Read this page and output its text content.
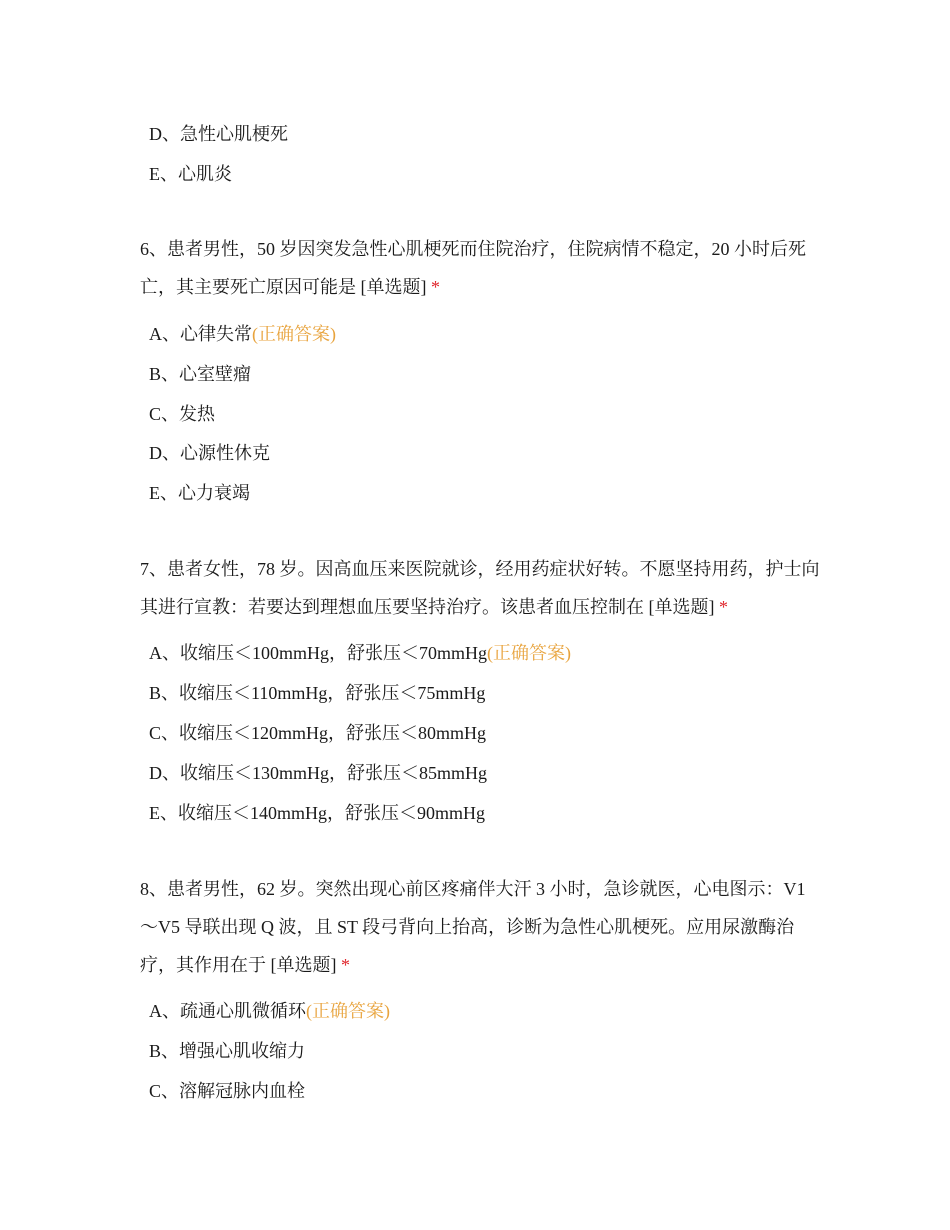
D、急性心肌梗死
E、心肌炎
6、患者男性，50 岁因突发急性心肌梗死而住院治疗，住院病情不稳定，20 小时后死亡，其主要死亡原因可能是 [单选题] *
A、心律失常(正确答案)
B、心室壁瘤
C、发热
D、心源性休克
E、心力衰竭
7、患者女性，78 岁。因高血压来医院就诊，经用药症状好转。不愿坚持用药，护士向其进行宣教：若要达到理想血压要坚持治疗。该患者血压控制在 [单选题] *
A、收缩压＜100mmHg，舒张压＜70mmHg(正确答案)
B、收缩压＜110mmHg，舒张压＜75mmHg
C、收缩压＜120mmHg，舒张压＜80mmHg
D、收缩压＜130mmHg，舒张压＜85mmHg
E、收缩压＜140mmHg，舒张压＜90mmHg
8、患者男性，62 岁。突然出现心前区疼痛伴大汗 3 小时，急诊就医，心电图示：V1～V5 导联出现 Q 波，且 ST 段弓背向上抬高，诊断为急性心肌梗死。应用尿激酶治疗，其作用在于 [单选题] *
A、疏通心肌微循环(正确答案)
B、增强心肌收缩力
C、溶解冠脉内血栓
